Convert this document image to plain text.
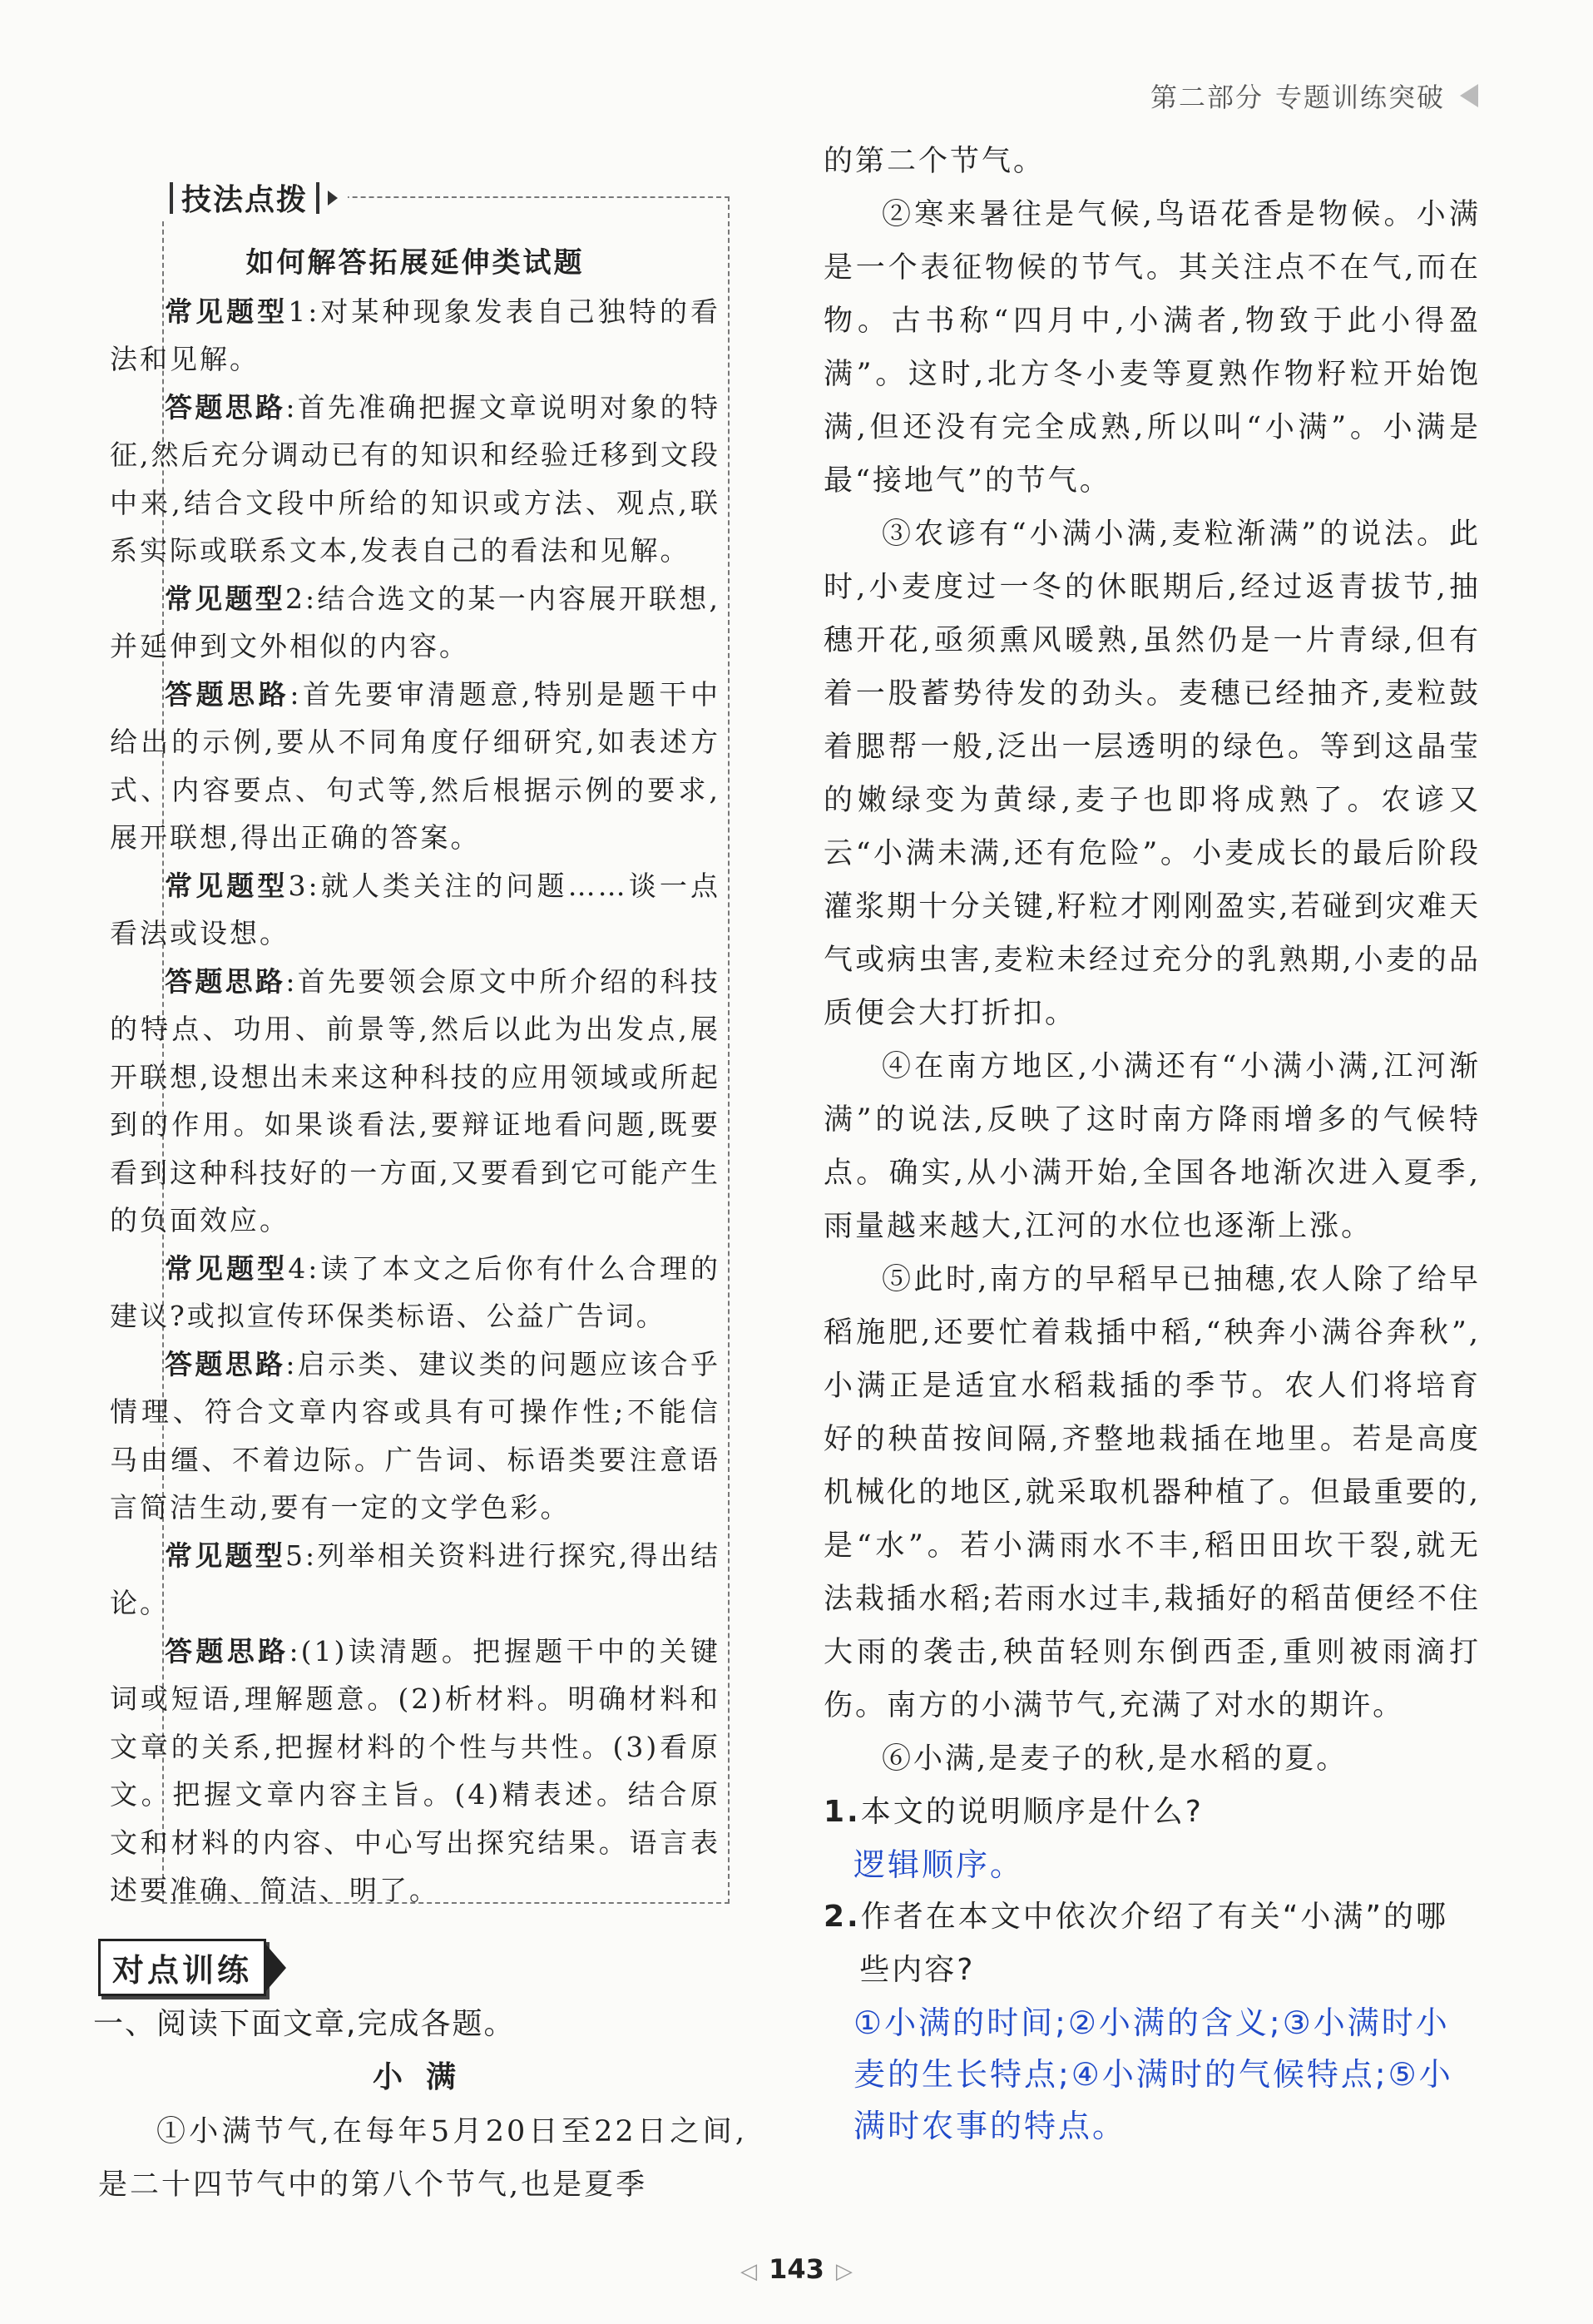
第二部分 专题训练突破
技法点拨
如何解答拓展延伸类试题

常见题型1:对某种现象发表自己独特的看法和见解。

答题思路:首先准确把握文章说明对象的特征,然后充分调动已有的知识和经验迁移到文段中来,结合文段中所给的知识或方法、观点,联系实际或联系文本,发表自己的看法和见解。

常见题型2:结合选文的某一内容展开联想,并延伸到文外相似的内容。

答题思路:首先要审清题意,特别是题干中给出的示例,要从不同角度仔细研究,如表述方式、内容要点、句式等,然后根据示例的要求,展开联想,得出正确的答案。

常见题型3:就人类关注的问题……谈一点看法或设想。

答题思路:首先要领会原文中所介绍的科技的特点、功用、前景等,然后以此为出发点,展开联想,设想出未来这种科技的应用领域或所起到的作用。如果谈看法,要辩证地看问题,既要看到这种科技好的一方面,又要看到它可能产生的负面效应。

常见题型4:读了本文之后你有什么合理的建议?或拟宣传环保类标语、公益广告词。

答题思路:启示类、建议类的问题应该合乎情理、符合文章内容或具有可操作性;不能信马由缰、不着边际。广告词、标语类要注意语言简洁生动,要有一定的文学色彩。

常见题型5:列举相关资料进行探究,得出结论。

答题思路:(1)读清题。把握题干中的关键词或短语,理解题意。(2)析材料。明确材料和文章的关系,把握材料的个性与共性。(3)看原文。把握文章内容主旨。(4)精表述。结合原文和材料的内容、中心写出探究结果。语言表述要准确、简洁、明了。

对点训练
一、阅读下面文章,完成各题。
小满

①小满节气,在每年5月20日至22日之间,是二十四节气中的第八个节气,也是夏季

的第二个节气。

②寒来暑往是气候,鸟语花香是物候。小满是一个表征物候的节气。其关注点不在气,而在物。古书称“四月中,小满者,物致于此小得盈满”。这时,北方冬小麦等夏熟作物籽粒开始饱满,但还没有完全成熟,所以叫“小满”。小满是最“接地气”的节气。

③农谚有“小满小满,麦粒渐满”的说法。此时,小麦度过一冬的休眠期后,经过返青拔节,抽穗开花,亟须熏风暖熟,虽然仍是一片青绿,但有着一股蓄势待发的劲头。麦穗已经抽齐,麦粒鼓着腮帮一般,泛出一层透明的绿色。等到这晶莹的嫩绿变为黄绿,麦子也即将成熟了。农谚又云“小满未满,还有危险”。小麦成长的最后阶段灌浆期十分关键,籽粒才刚刚盈实,若碰到灾难天气或病虫害,麦粒未经过充分的乳熟期,小麦的品质便会大打折扣。

④在南方地区,小满还有“小满小满,江河渐满”的说法,反映了这时南方降雨增多的气候特点。确实,从小满开始,全国各地渐次进入夏季,雨量越来越大,江河的水位也逐渐上涨。

⑤此时,南方的早稻早已抽穗,农人除了给早稻施肥,还要忙着栽插中稻,“秧奔小满谷奔秋”,小满正是适宜水稻栽插的季节。农人们将培育好的秧苗按间隔,齐整地栽插在地里。若是高度机械化的地区,就采取机器种植了。但最重要的,是“水”。若小满雨水不丰,稻田田坎干裂,就无法栽插水稻;若雨水过丰,栽插好的稻苗便经不住大雨的袭击,秧苗轻则东倒西歪,重则被雨滴打伤。南方的小满节气,充满了对水的期许。

⑥小满,是麦子的秋,是水稻的夏。

1.本文的说明顺序是什么?

逻辑顺序。

2.作者在本文中依次介绍了有关“小满”的哪些内容?

①小满的时间;②小满的含义;③小满时小麦的生长特点;④小满时的气候特点;⑤小满时农事的特点。

◁ 143 ▷
